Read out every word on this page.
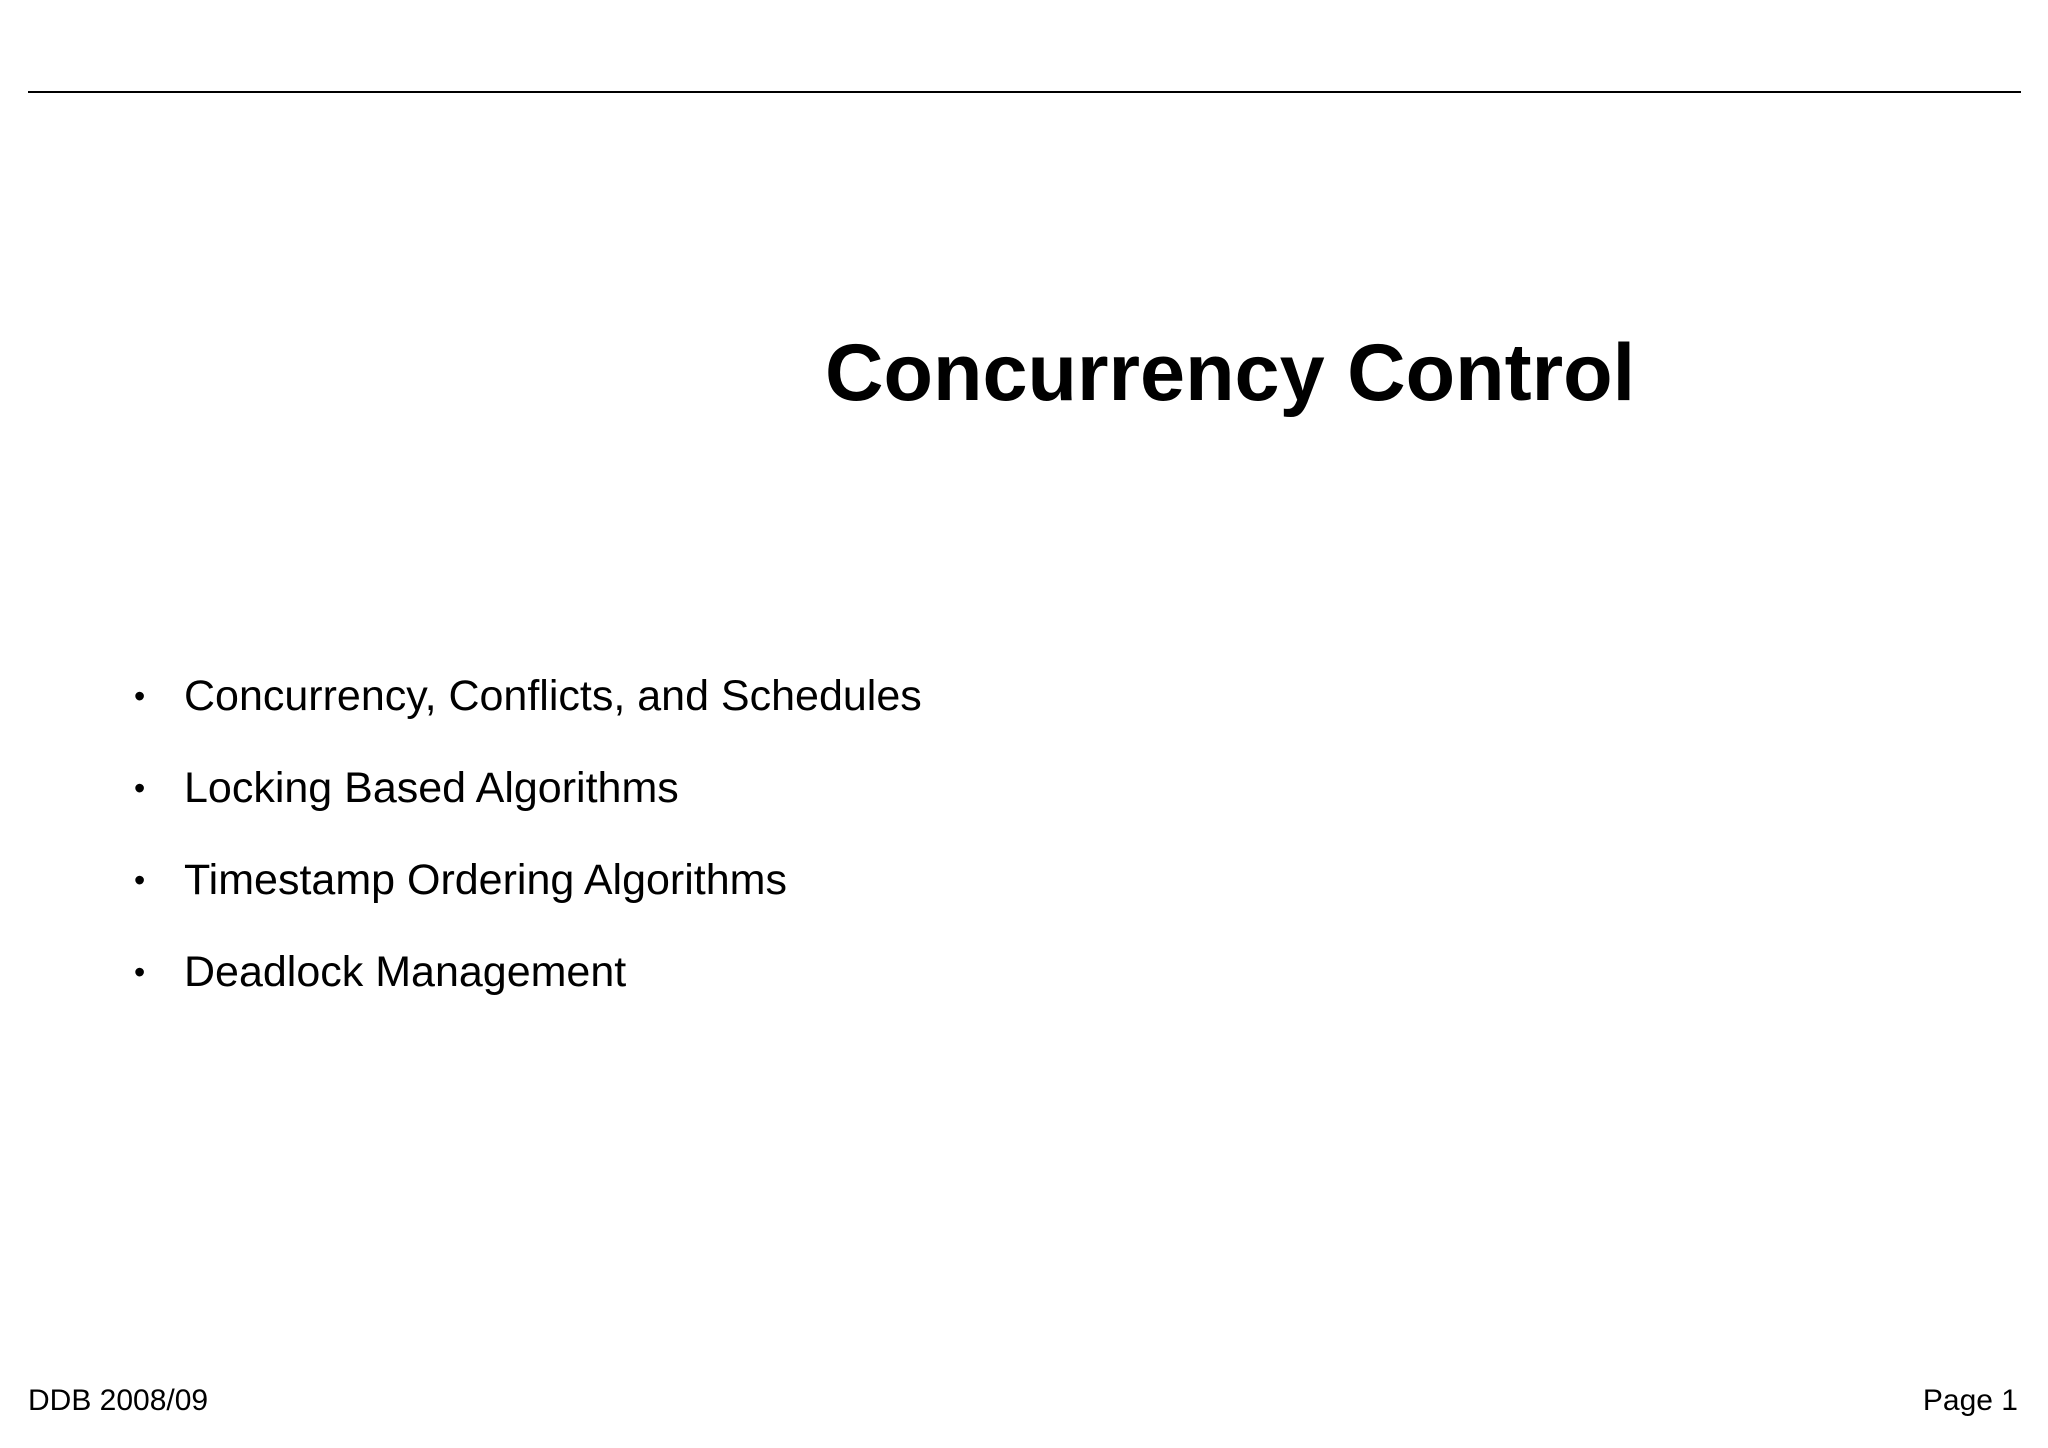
Concurrency Control
• Concurrency, Conflicts, and Schedules
• Locking Based Algorithms
• Timestamp Ordering Algorithms
• Deadlock Management
DDB 2008/09	Page 1
